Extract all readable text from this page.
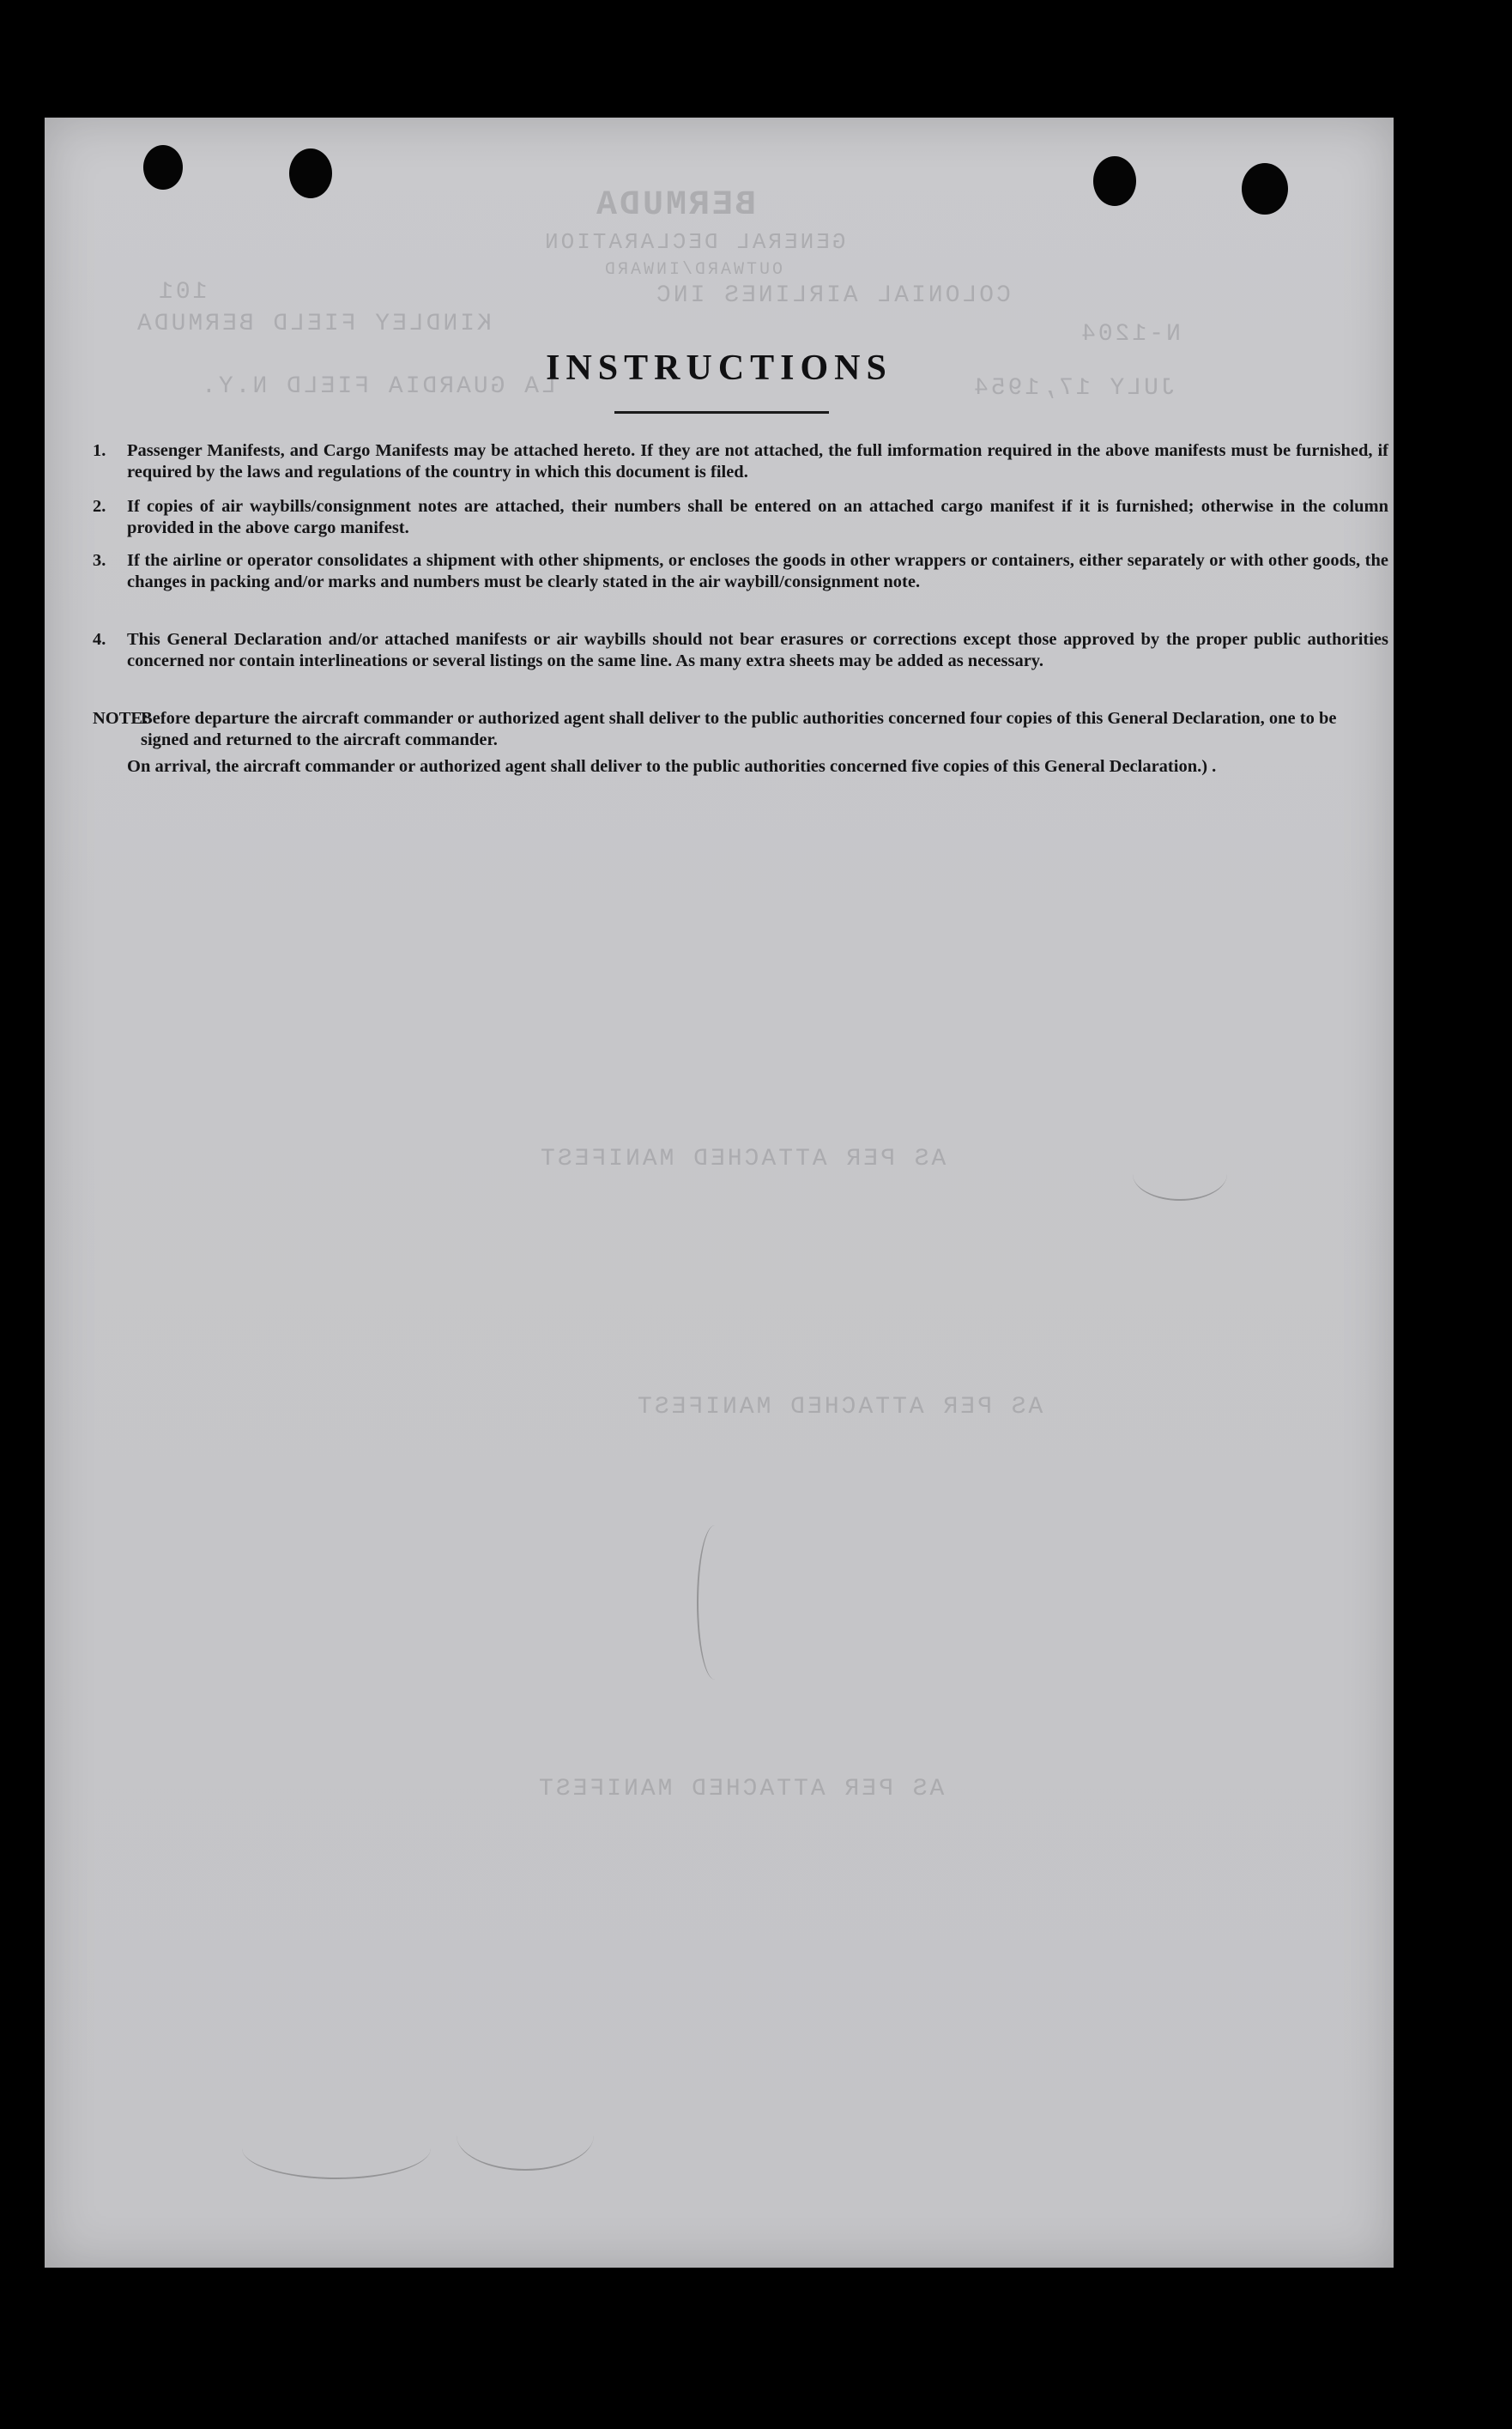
BERMUDA
GENERAL DECLARATION
OUTWARD/INWARD
COLONIAL AIRLINES INC
101
KINDLEY FIELD BERMUDA	N-1204
LA GUARDIA FIELD N.Y.	JULY 17,1954
AS PER ATTACHED MANIFEST
AS PER ATTACHED MANIFEST
AS PER ATTACHED MANIFEST
INSTRUCTIONS
1.	Passenger Manifests, and Cargo Manifests may be attached hereto. If they are not attached, the full imformation required in the above manifests must be furnished, if required by the laws and regulations of the country in which this document is filed.
2.	If copies of air waybills/consignment notes are attached, their numbers shall be entered on an attached cargo manifest if it is furnished; otherwise in the column provided in the above cargo manifest.
3.	If the airline or operator consolidates a shipment with other shipments, or encloses the goods in other wrappers or containers, either separately or with other goods, the changes in packing and/or marks and numbers must be clearly stated in the air waybill/consignment note.
4.	This General Declaration and/or attached manifests or air waybills should not bear erasures or corrections except those approved by the proper public authorities concerned nor contain interlineations or several listings on the same line. As many extra sheets may be added as necessary.
NOTE:
Before departure the aircraft commander or authorized agent shall deliver to the public authorities concerned four copies of this General Declaration, one to be signed and returned to the aircraft commander.
On arrival, the aircraft commander or authorized agent shall deliver to the public authorities concerned five copies of this General Declaration.) .
